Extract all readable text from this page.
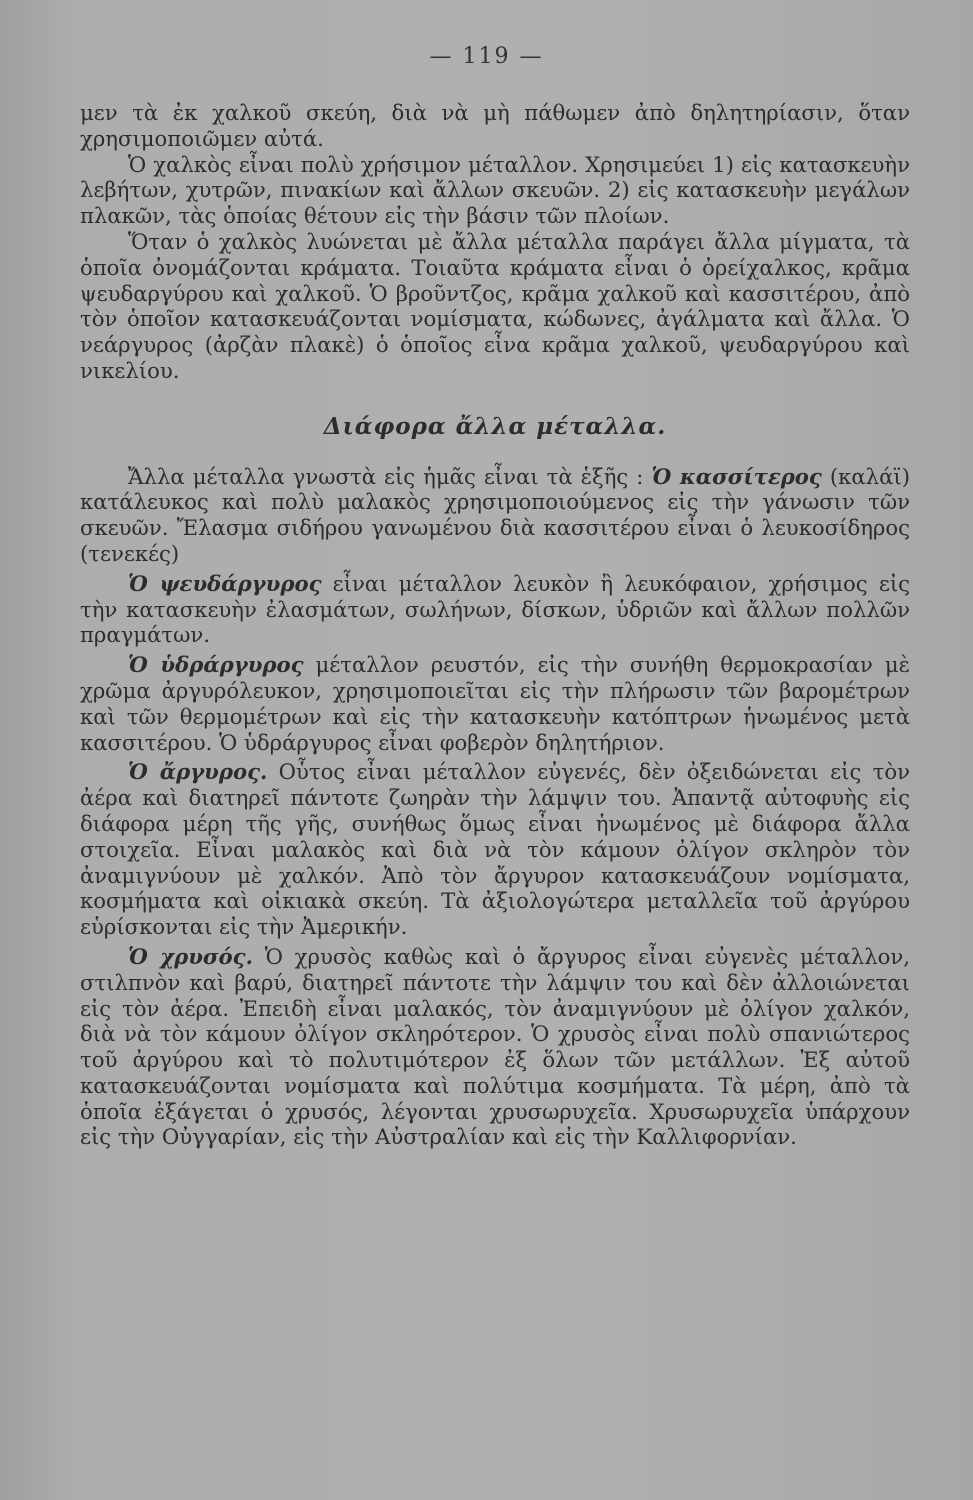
— 119 —

μεν τὰ ἐκ χαλκοῦ σκεύη, διὰ νὰ μὴ πάθωμεν ἀπὸ δηλητηρίασιν, ὅταν χρησιμοποιῶμεν αὐτά.

Ὁ χαλκὸς εἶναι πολὺ χρήσιμον μέταλλον. Χρησιμεύει 1) εἰς κατασκευὴν λεβήτων, χυτρῶν, πινακίων καὶ ἄλλων σκευῶν. 2) εἰς κατασκευὴν μεγάλων πλακῶν, τὰς ὁποίας θέτουν εἰς τὴν βάσιν τῶν πλοίων.

Ὅταν ὁ χαλκὸς λυώνεται μὲ ἄλλα μέταλλα παράγει ἄλλα μίγματα, τὰ ὁποῖα ὀνομάζονται κράματα. Τοιαῦτα κράματα εἶναι ὁ ὀρείχαλκος, κρᾶμα ψευδαργύρου καὶ χαλκοῦ. Ὁ βροῦντζος, κρᾶμα χαλκοῦ καὶ κασσιτέρου, ἀπὸ τὸν ὁποῖον κατασκευάζονται νομίσματα, κώδωνες, ἀγάλματα καὶ ἄλλα. Ὁ νεάργυρος (ἀρζὰν πλακὲ) ὁ ὁποῖος εἶνα κρᾶμα χαλκοῦ, ψευδαργύρου καὶ νικελίου.

Διάφορα ἄλλα μέταλλα.

Ἄλλα μέταλλα γνωστὰ εἰς ἡμᾶς εἶναι τὰ ἑξῆς : Ὁ κασσίτερος (καλάϊ) κατάλευκος καὶ πολὺ μαλακὸς χρησιμοποιούμενος εἰς τὴν γάνωσιν τῶν σκευῶν. Ἔλασμα σιδήρου γανωμένου διὰ κασσιτέρου εἶναι ὁ λευκοσίδηρος (τενεκές)

Ὁ ψευδάργυρος εἶναι μέταλλον λευκὸν ἢ λευκόφαιον, χρήσιμος εἰς τὴν κατασκευὴν ἐλασμάτων, σωλήνων, δίσκων, ὑδριῶν καὶ ἄλλων πολλῶν πραγμάτων.

Ὁ ὑδράργυρος μέταλλον ρευστόν, εἰς τὴν συνήθη θερμοκρασίαν μὲ χρῶμα ἀργυρόλευκον, χρησιμοποιεῖται εἰς τὴν πλήρωσιν τῶν βαρομέτρων καὶ τῶν θερμομέτρων καὶ εἰς τὴν κατασκευὴν κατόπτρων ἡνωμένος μετὰ κασσιτέρου. Ὁ ὑδράργυρος εἶναι φοβερὸν δηλητήριον.

Ὁ ἄργυρος. Οὗτος εἶναι μέταλλον εὐγενές, δὲν ὀξειδώνεται εἰς τὸν ἀέρα καὶ διατηρεῖ πάντοτε ζωηρὰν τὴν λάμψιν του. Ἀπαντᾷ αὐτοφυὴς εἰς διάφορα μέρη τῆς γῆς, συνήθως ὅμως εἶναι ἡνωμένος μὲ διάφορα ἄλλα στοιχεῖα. Εἶναι μαλακὸς καὶ διὰ νὰ τὸν κάμουν ὀλίγον σκληρὸν τὸν ἀναμιγνύουν μὲ χαλκόν. Ἀπὸ τὸν ἄργυρον κατασκευάζουν νομίσματα, κοσμήματα καὶ οἰκιακὰ σκεύη. Τὰ ἀξιολογώτερα μεταλλεῖα τοῦ ἀργύρου εὑρίσκονται εἰς τὴν Ἀμερικήν.

Ὁ χρυσός. Ὁ χρυσὸς καθὼς καὶ ὁ ἄργυρος εἶναι εὐγενὲς μέταλλον, στιλπνὸν καὶ βαρύ, διατηρεῖ πάντοτε τὴν λάμψιν του καὶ δὲν ἀλλοιώνεται εἰς τὸν ἀέρα. Ἐπειδὴ εἶναι μαλακός, τὸν ἀναμιγνύουν μὲ ὀλίγον χαλκόν, διὰ νὰ τὸν κάμουν ὀλίγον σκληρότερον. Ὁ χρυσὸς εἶναι πολὺ σπανιώτερος τοῦ ἀργύρου καὶ τὸ πολυτιμότερον ἐξ ὅλων τῶν μετάλλων. Ἐξ αὐτοῦ κατασκευάζονται νομίσματα καὶ πολύτιμα κοσμήματα. Τὰ μέρη, ἀπὸ τὰ ὁποῖα ἐξάγεται ὁ χρυσός, λέγονται χρυσωρυχεῖα. Χρυσωρυχεῖα ὑπάρχουν εἰς τὴν Οὐγγαρίαν, εἰς τὴν Αὐστραλίαν καὶ εἰς τὴν Καλλιφορνίαν.
